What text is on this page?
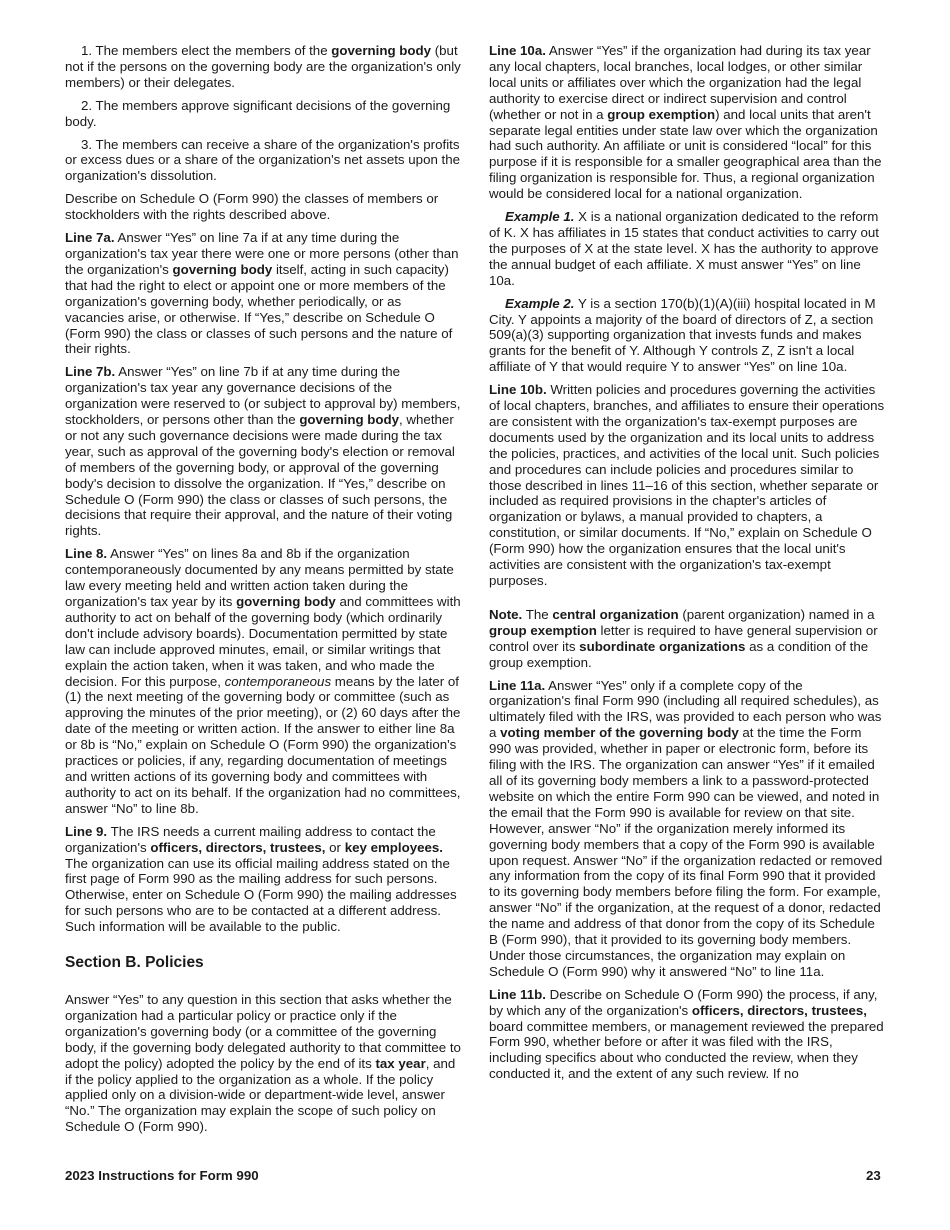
1. The members elect the members of the governing body (but not if the persons on the governing body are the organization's only members) or their delegates.

2. The members approve significant decisions of the governing body.

3. The members can receive a share of the organization's profits or excess dues or a share of the organization's net assets upon the organization's dissolution.

Describe on Schedule O (Form 990) the classes of members or stockholders with the rights described above.

Line 7a. Answer “Yes” on line 7a if at any time during the organization's tax year there were one or more persons (other than the organization's governing body itself, acting in such capacity) that had the right to elect or appoint one or more members of the organization's governing body, whether periodically, or as vacancies arise, or otherwise. If “Yes,” describe on Schedule O (Form 990) the class or classes of such persons and the nature of their rights.

Line 7b. Answer “Yes” on line 7b if at any time during the organization's tax year any governance decisions of the organization were reserved to (or subject to approval by) members, stockholders, or persons other than the governing body, whether or not any such governance decisions were made during the tax year, such as approval of the governing body's election or removal of members of the governing body, or approval of the governing body's decision to dissolve the organization. If “Yes,” describe on Schedule O (Form 990) the class or classes of such persons, the decisions that require their approval, and the nature of their voting rights.

Line 8. Answer “Yes” on lines 8a and 8b if the organization contemporaneously documented by any means permitted by state law every meeting held and written action taken during the organization's tax year by its governing body and committees with authority to act on behalf of the governing body (which ordinarily don't include advisory boards). Documentation permitted by state law can include approved minutes, email, or similar writings that explain the action taken, when it was taken, and who made the decision. For this purpose, contemporaneous means by the later of (1) the next meeting of the governing body or committee (such as approving the minutes of the prior meeting), or (2) 60 days after the date of the meeting or written action. If the answer to either line 8a or 8b is “No,” explain on Schedule O (Form 990) the organization's practices or policies, if any, regarding documentation of meetings and written actions of its governing body and committees with authority to act on its behalf. If the organization had no committees, answer “No” to line 8b.

Line 9. The IRS needs a current mailing address to contact the organization's officers, directors, trustees, or key employees. The organization can use its official mailing address stated on the first page of Form 990 as the mailing address for such persons. Otherwise, enter on Schedule O (Form 990) the mailing addresses for such persons who are to be contacted at a different address. Such information will be available to the public.

Section B. Policies

Answer “Yes” to any question in this section that asks whether the organization had a particular policy or practice only if the organization's governing body (or a committee of the governing body, if the governing body delegated authority to that committee to adopt the policy) adopted the policy by the end of its tax year, and if the policy applied to the organization as a whole. If the policy applied only on a division-wide or department-wide level, answer “No.” The organization may explain the scope of such policy on Schedule O (Form 990).

Line 10a. Answer “Yes” if the organization had during its tax year any local chapters, local branches, local lodges, or other similar local units or affiliates over which the organization had the legal authority to exercise direct or indirect supervision and control (whether or not in a group exemption) and local units that aren't separate legal entities under state law over which the organization had such authority. An affiliate or unit is considered “local” for this purpose if it is responsible for a smaller geographical area than the filing organization is responsible for. Thus, a regional organization would be considered local for a national organization.

Example 1. X is a national organization dedicated to the reform of K. X has affiliates in 15 states that conduct activities to carry out the purposes of X at the state level. X has the authority to approve the annual budget of each affiliate. X must answer “Yes” on line 10a.

Example 2. Y is a section 170(b)(1)(A)(iii) hospital located in M City. Y appoints a majority of the board of directors of Z, a section 509(a)(3) supporting organization that invests funds and makes grants for the benefit of Y. Although Y controls Z, Z isn't a local affiliate of Y that would require Y to answer “Yes” on line 10a.

Line 10b. Written policies and procedures governing the activities of local chapters, branches, and affiliates to ensure their operations are consistent with the organization's tax-exempt purposes are documents used by the organization and its local units to address the policies, practices, and activities of the local unit. Such policies and procedures can include policies and procedures similar to those described in lines 11–16 of this section, whether separate or included as required provisions in the chapter's articles of organization or bylaws, a manual provided to chapters, a constitution, or similar documents. If “No,” explain on Schedule O (Form 990) how the organization ensures that the local unit's activities are consistent with the organization's tax-exempt purposes.

Note. The central organization (parent organization) named in a group exemption letter is required to have general supervision or control over its subordinate organizations as a condition of the group exemption.

Line 11a. Answer “Yes” only if a complete copy of the organization's final Form 990 (including all required schedules), as ultimately filed with the IRS, was provided to each person who was a voting member of the governing body at the time the Form 990 was provided, whether in paper or electronic form, before its filing with the IRS. The organization can answer “Yes” if it emailed all of its governing body members a link to a password-protected website on which the entire Form 990 can be viewed, and noted in the email that the Form 990 is available for review on that site. However, answer “No” if the organization merely informed its governing body members that a copy of the Form 990 is available upon request. Answer “No” if the organization redacted or removed any information from the copy of its final Form 990 that it provided to its governing body members before filing the form. For example, answer “No” if the organization, at the request of a donor, redacted the name and address of that donor from the copy of its Schedule B (Form 990), that it provided to its governing body members. Under those circumstances, the organization may explain on Schedule O (Form 990) why it answered “No” to line 11a.

Line 11b. Describe on Schedule O (Form 990) the process, if any, by which any of the organization's officers, directors, trustees, board committee members, or management reviewed the prepared Form 990, whether before or after it was filed with the IRS, including specifics about who conducted the review, when they conducted it, and the extent of any such review. If no

2023 Instructions for Form 990	23
